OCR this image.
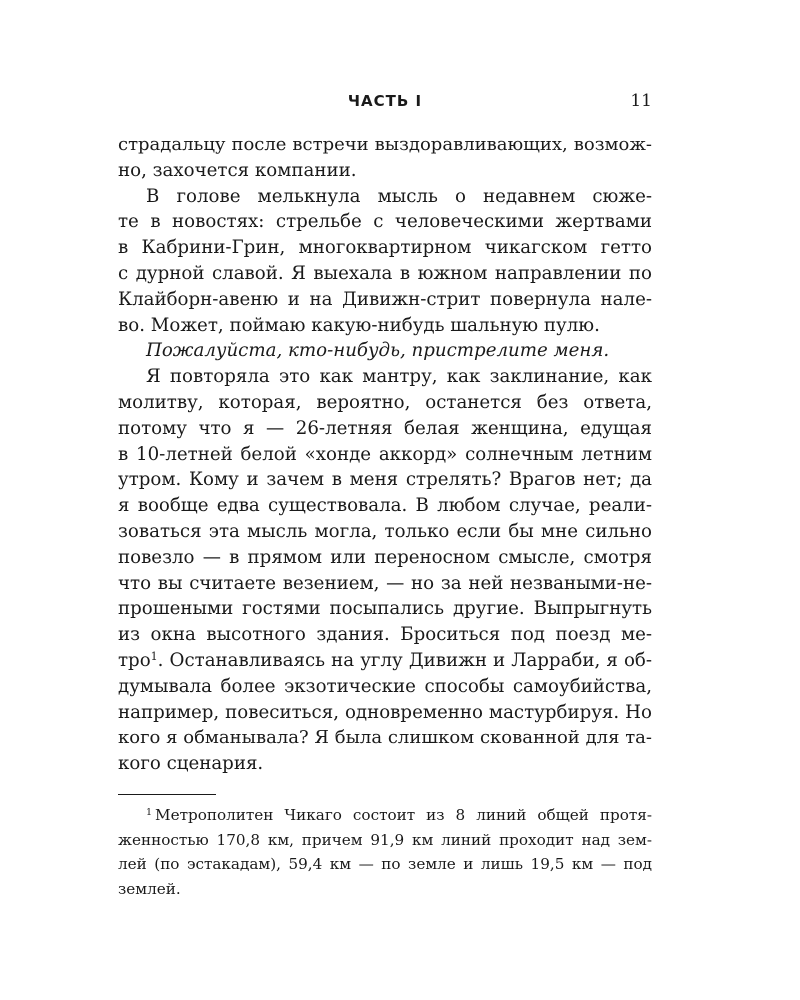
ЧАСТЬ I	11
страдальцу после встречи выздоравливающих, возмож-
но, захочется компании.
В голове мелькнула мысль о недавнем сюже-
те в новостях: стрельбе с человеческими жертвами
в Кабрини-Грин, многоквартирном чикагском гетто
с дурной славой. Я выехала в южном направлении по
Клайборн-авеню и на Дивижн-стрит повернула нале-
во. Может, поймаю какую-нибудь шальную пулю.
Пожалуйста, кто-нибудь, пристрелите меня.
Я повторяла это как мантру, как заклинание, как
молитву, которая, вероятно, останется без ответа,
потому что я — 26-летняя белая женщина, едущая
в 10-летней белой «хонде аккорд» солнечным летним
утром. Кому и зачем в меня стрелять? Врагов нет; да
я вообще едва существовала. В любом случае, реали-
зоваться эта мысль могла, только если бы мне сильно
повезло — в прямом или переносном смысле, смотря
что вы считаете везением, — но за ней незваными-не-
прошеными гостями посыпались другие. Выпрыгнуть
из окна высотного здания. Броситься под поезд ме-
тро$^1$. Останавливаясь на углу Дивижн и Ларраби, я об-
думывала более экзотические способы самоубийства,
например, повеситься, одновременно мастурбируя. Но
кого я обманывала? Я была слишком скованной для та-
кого сценария.
$^1$ Метрополитен Чикаго состоит из 8 линий общей протя-
женностью 170,8 км, причем 91,9 км линий проходит над зем-
лей (по эстакадам), 59,4 км — по земле и лишь 19,5 км — под
землей.
